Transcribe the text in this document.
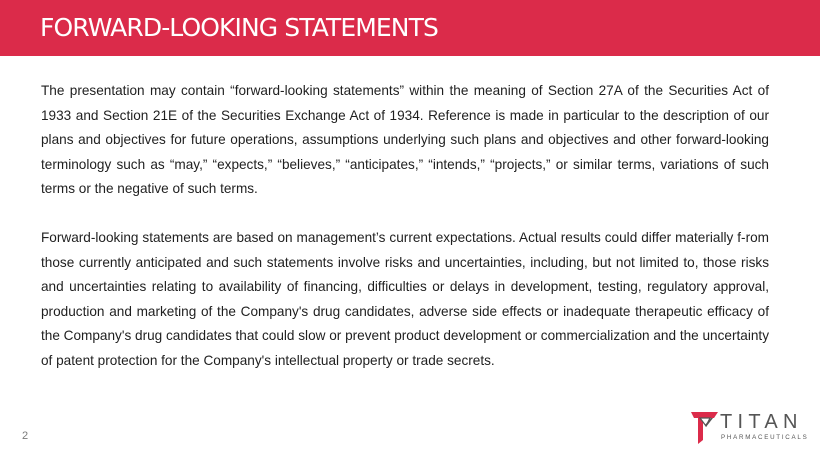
FORWARD-LOOKING STATEMENTS

The presentation may contain “forward-looking statements” within the meaning of Section 27A of the Securities Act of 1933 and Section 21E of the Securities Exchange Act of 1934. Reference is made in particular to the description of our plans and objectives for future operations, assumptions underlying such plans and objectives and other forward-looking terminology such as “may,” “expects,” “believes,” “anticipates,” “intends,” “projects,” or similar terms, variations of such terms or the negative of such terms.

Forward-looking statements are based on management’s current expectations. Actual results could differ materially f-rom those currently anticipated and such statements involve risks and uncertainties, including, but not limited to, those risks and uncertainties relating to availability of financing, difficulties or delays in development, testing, regulatory approval, production and marketing of the Company's drug candidates, adverse side effects or inadequate therapeutic efficacy of the Company's drug candidates that could slow or prevent product development or commercialization and the uncertainty of patent protection for the Company's intellectual property or trade secrets.

2
TITAN
PHARMACEUTICALS
